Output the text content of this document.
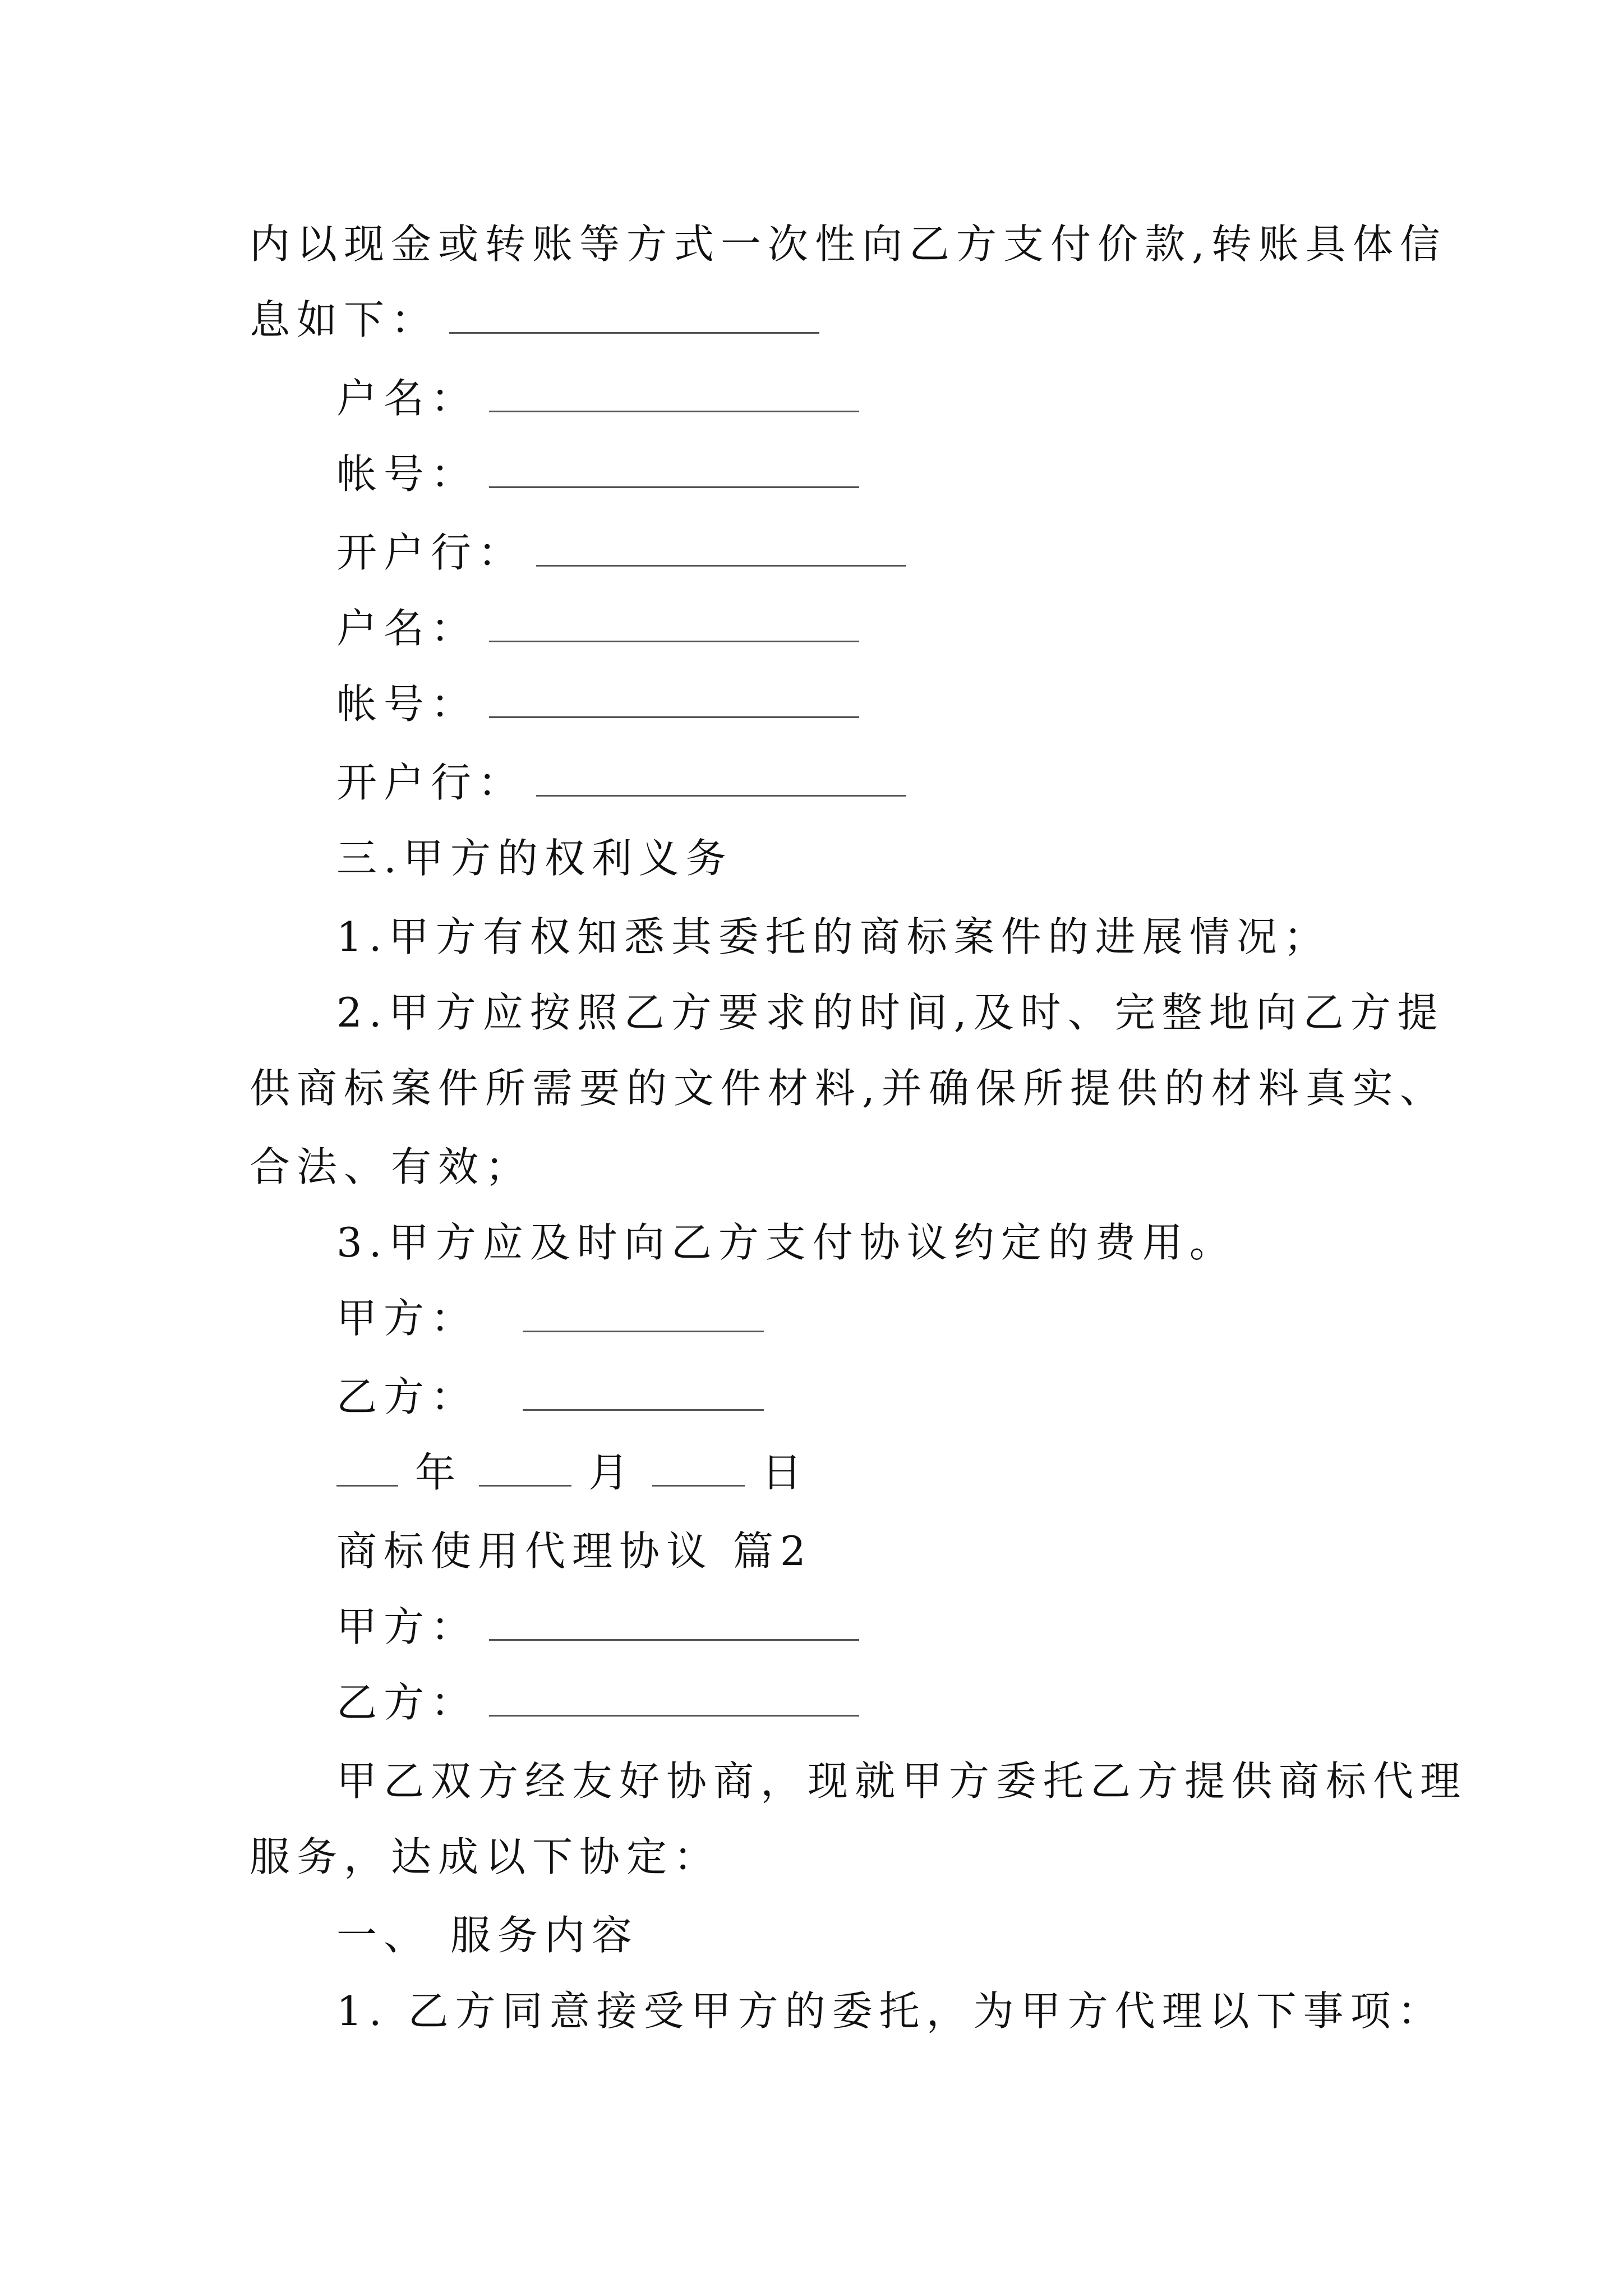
内以现金或转账等方式一次性向乙方支付价款,转账具体信
息如下：
户名：
帐号：
开户行：
户名：
帐号：
开户行：
三.甲方的权利义务
1.甲方有权知悉其委托的商标案件的进展情况；
2.甲方应按照乙方要求的时间,及时、完整地向乙方提
供商标案件所需要的文件材料,并确保所提供的材料真实、
合法、有效；
3.甲方应及时向乙方支付协议约定的费用。
甲方：
乙方：
年	月	日
商标使用代理协议 篇2
甲方：
乙方：
甲乙双方经友好协商，现就甲方委托乙方提供商标代理
服务，达成以下协定：
一、 服务内容
1. 乙方同意接受甲方的委托，为甲方代理以下事项：
